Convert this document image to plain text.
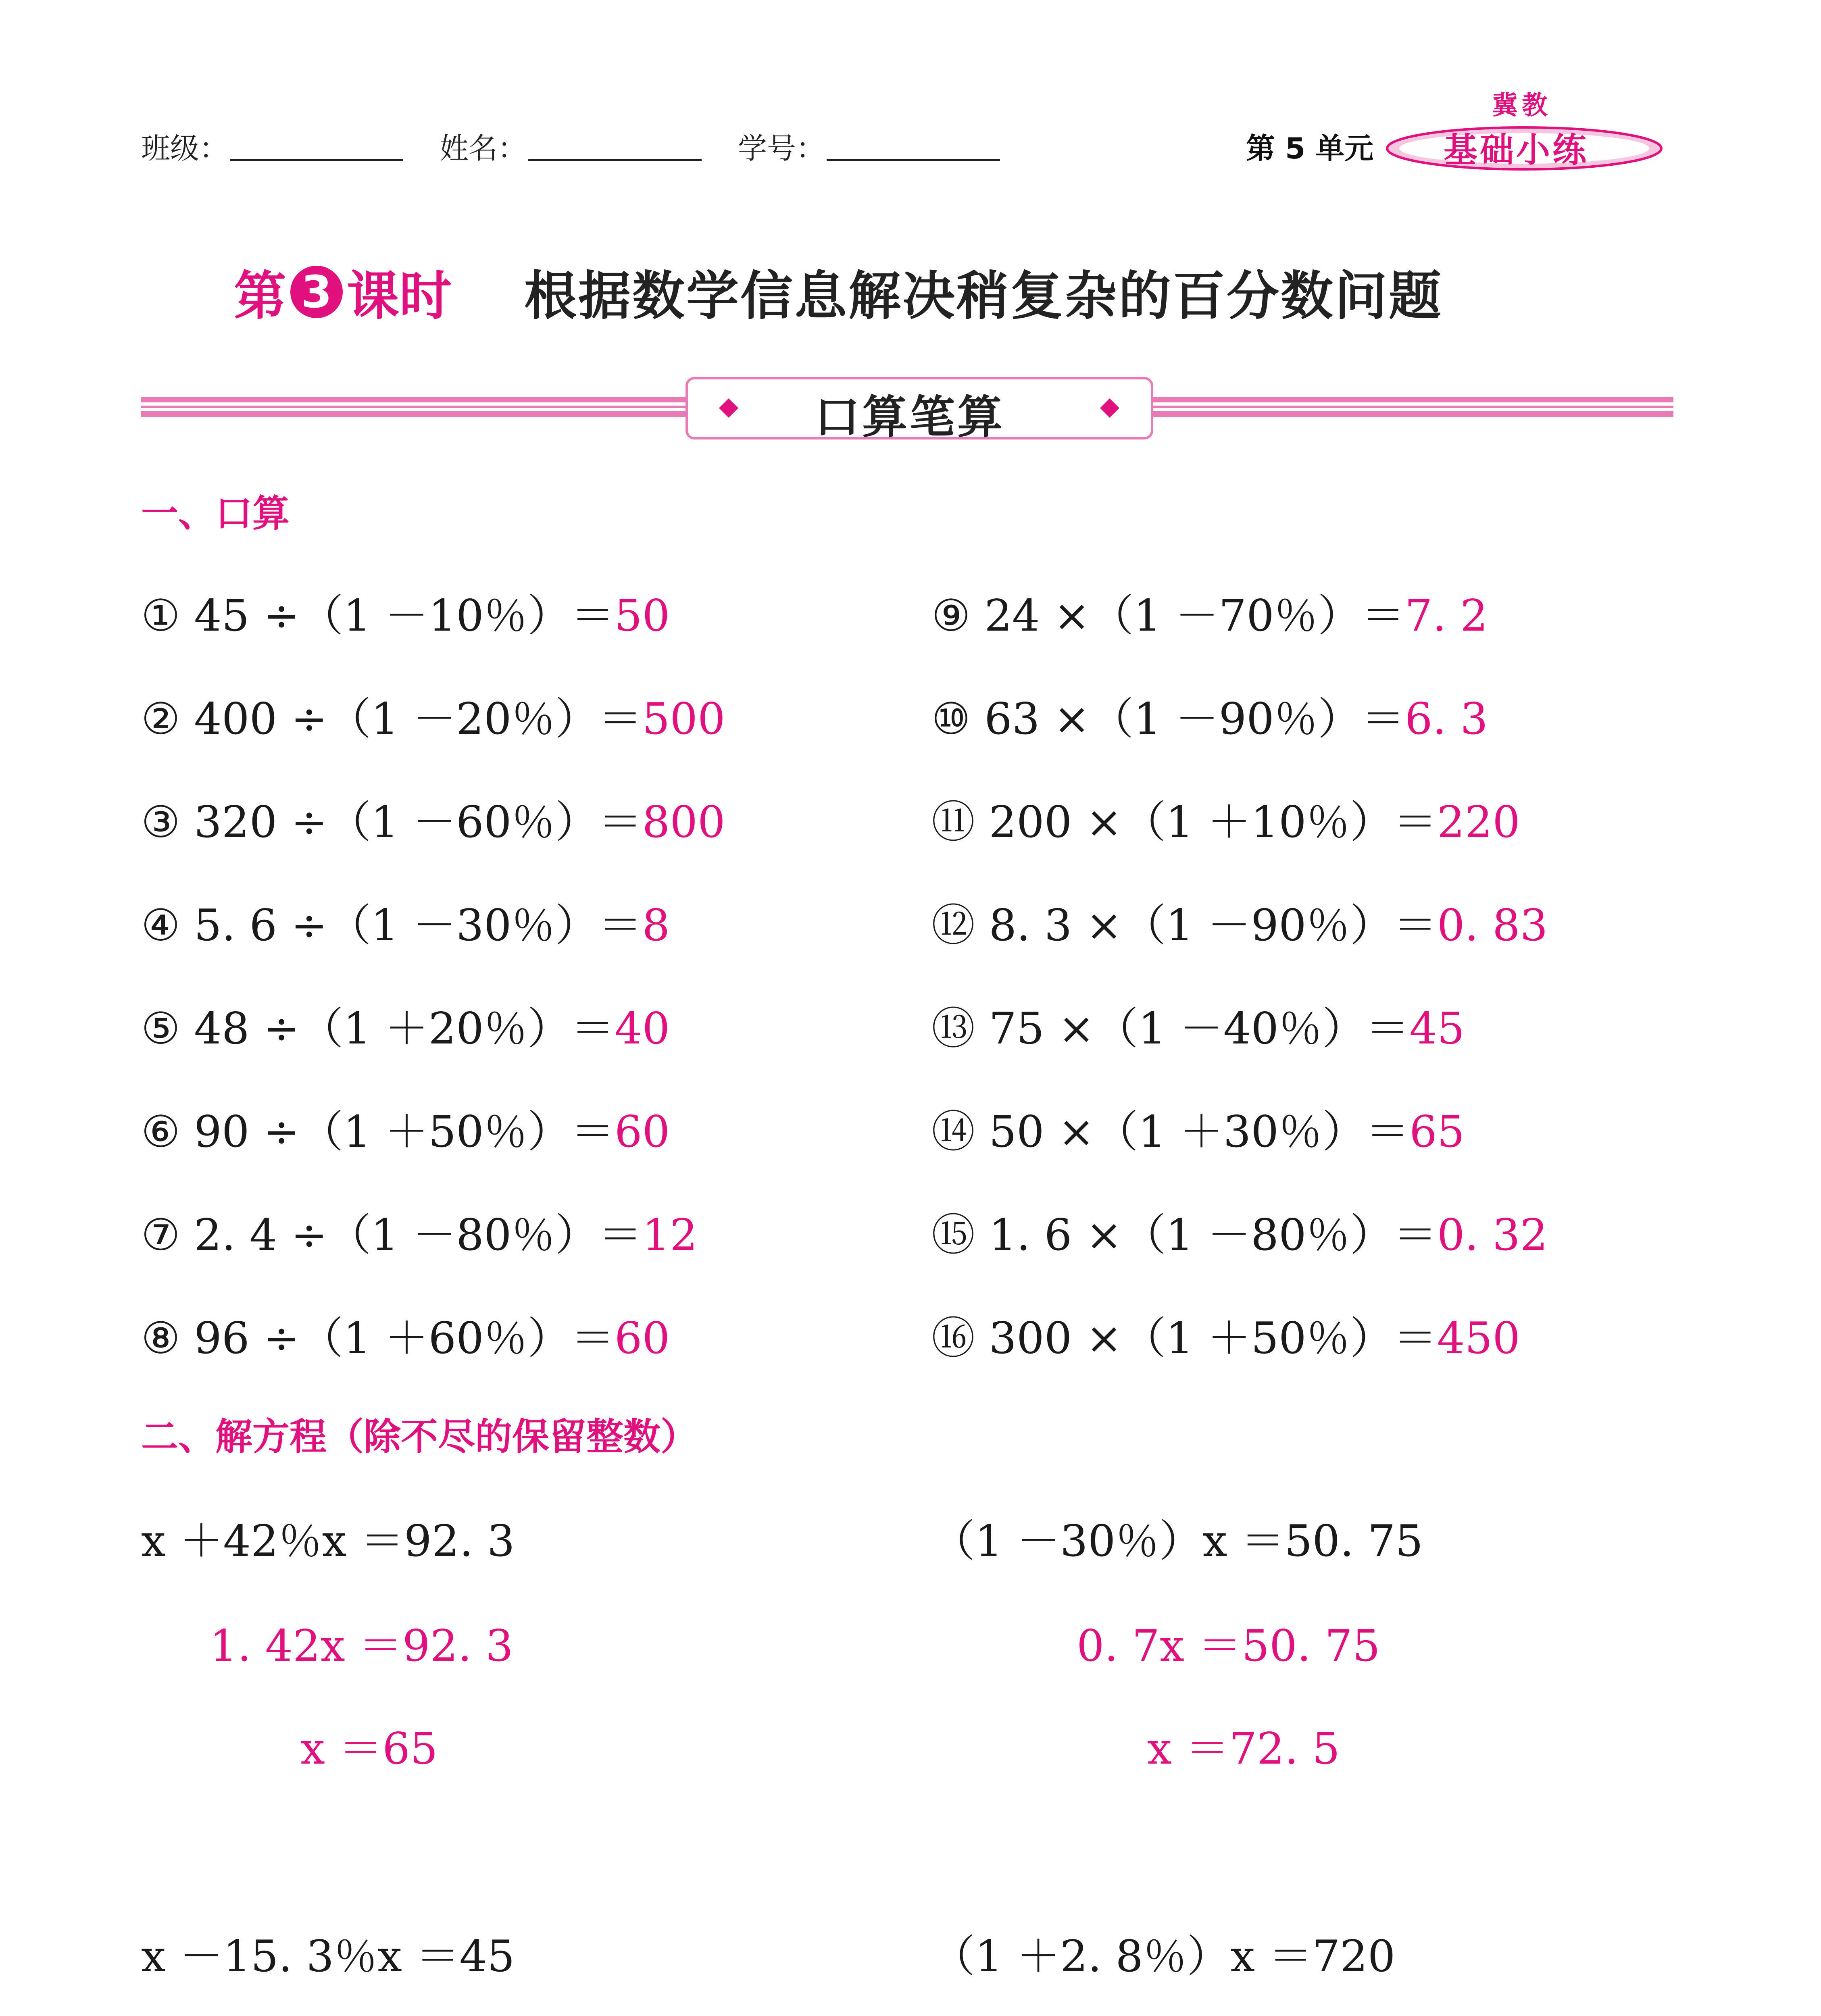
班级：	姓名：	学号：	第 5 单元
冀教
基础小练
第 3 课时 根据数学信息解决稍复杂的百分数问题
口算笔算
一、口算
① 45 ÷（1 －10％）＝50
② 400 ÷（1 －20％）＝500
③ 320 ÷（1 －60％）＝800
④ 5. 6 ÷（1 －30％）＝8
⑤ 48 ÷（1 ＋20％）＝40
⑥ 90 ÷（1 ＋50％）＝60
⑦ 2. 4 ÷（1 －80％）＝12
⑧ 96 ÷（1 ＋60％）＝60
⑨ 24 ×（1 －70％）＝7. 2
⑩ 63 ×（1 －90％）＝6. 3
⑪ 200 ×（1 ＋10％）＝220
⑫ 8. 3 ×（1 －90％）＝0. 83
⑬ 75 ×（1 －40％）＝45
⑭ 50 ×（1 ＋30％）＝65
⑮ 1. 6 ×（1 －80％）＝0. 32
⑯ 300 ×（1 ＋50％）＝450
二、解方程（除不尽的保留整数）
x ＋42％x ＝92. 3
1. 42x ＝92. 3
x ＝65
（1 －30％）x ＝50. 75
0. 7x ＝50. 75
x ＝72. 5
x －15. 3％x ＝45	（1 ＋2. 8％）x ＝720
